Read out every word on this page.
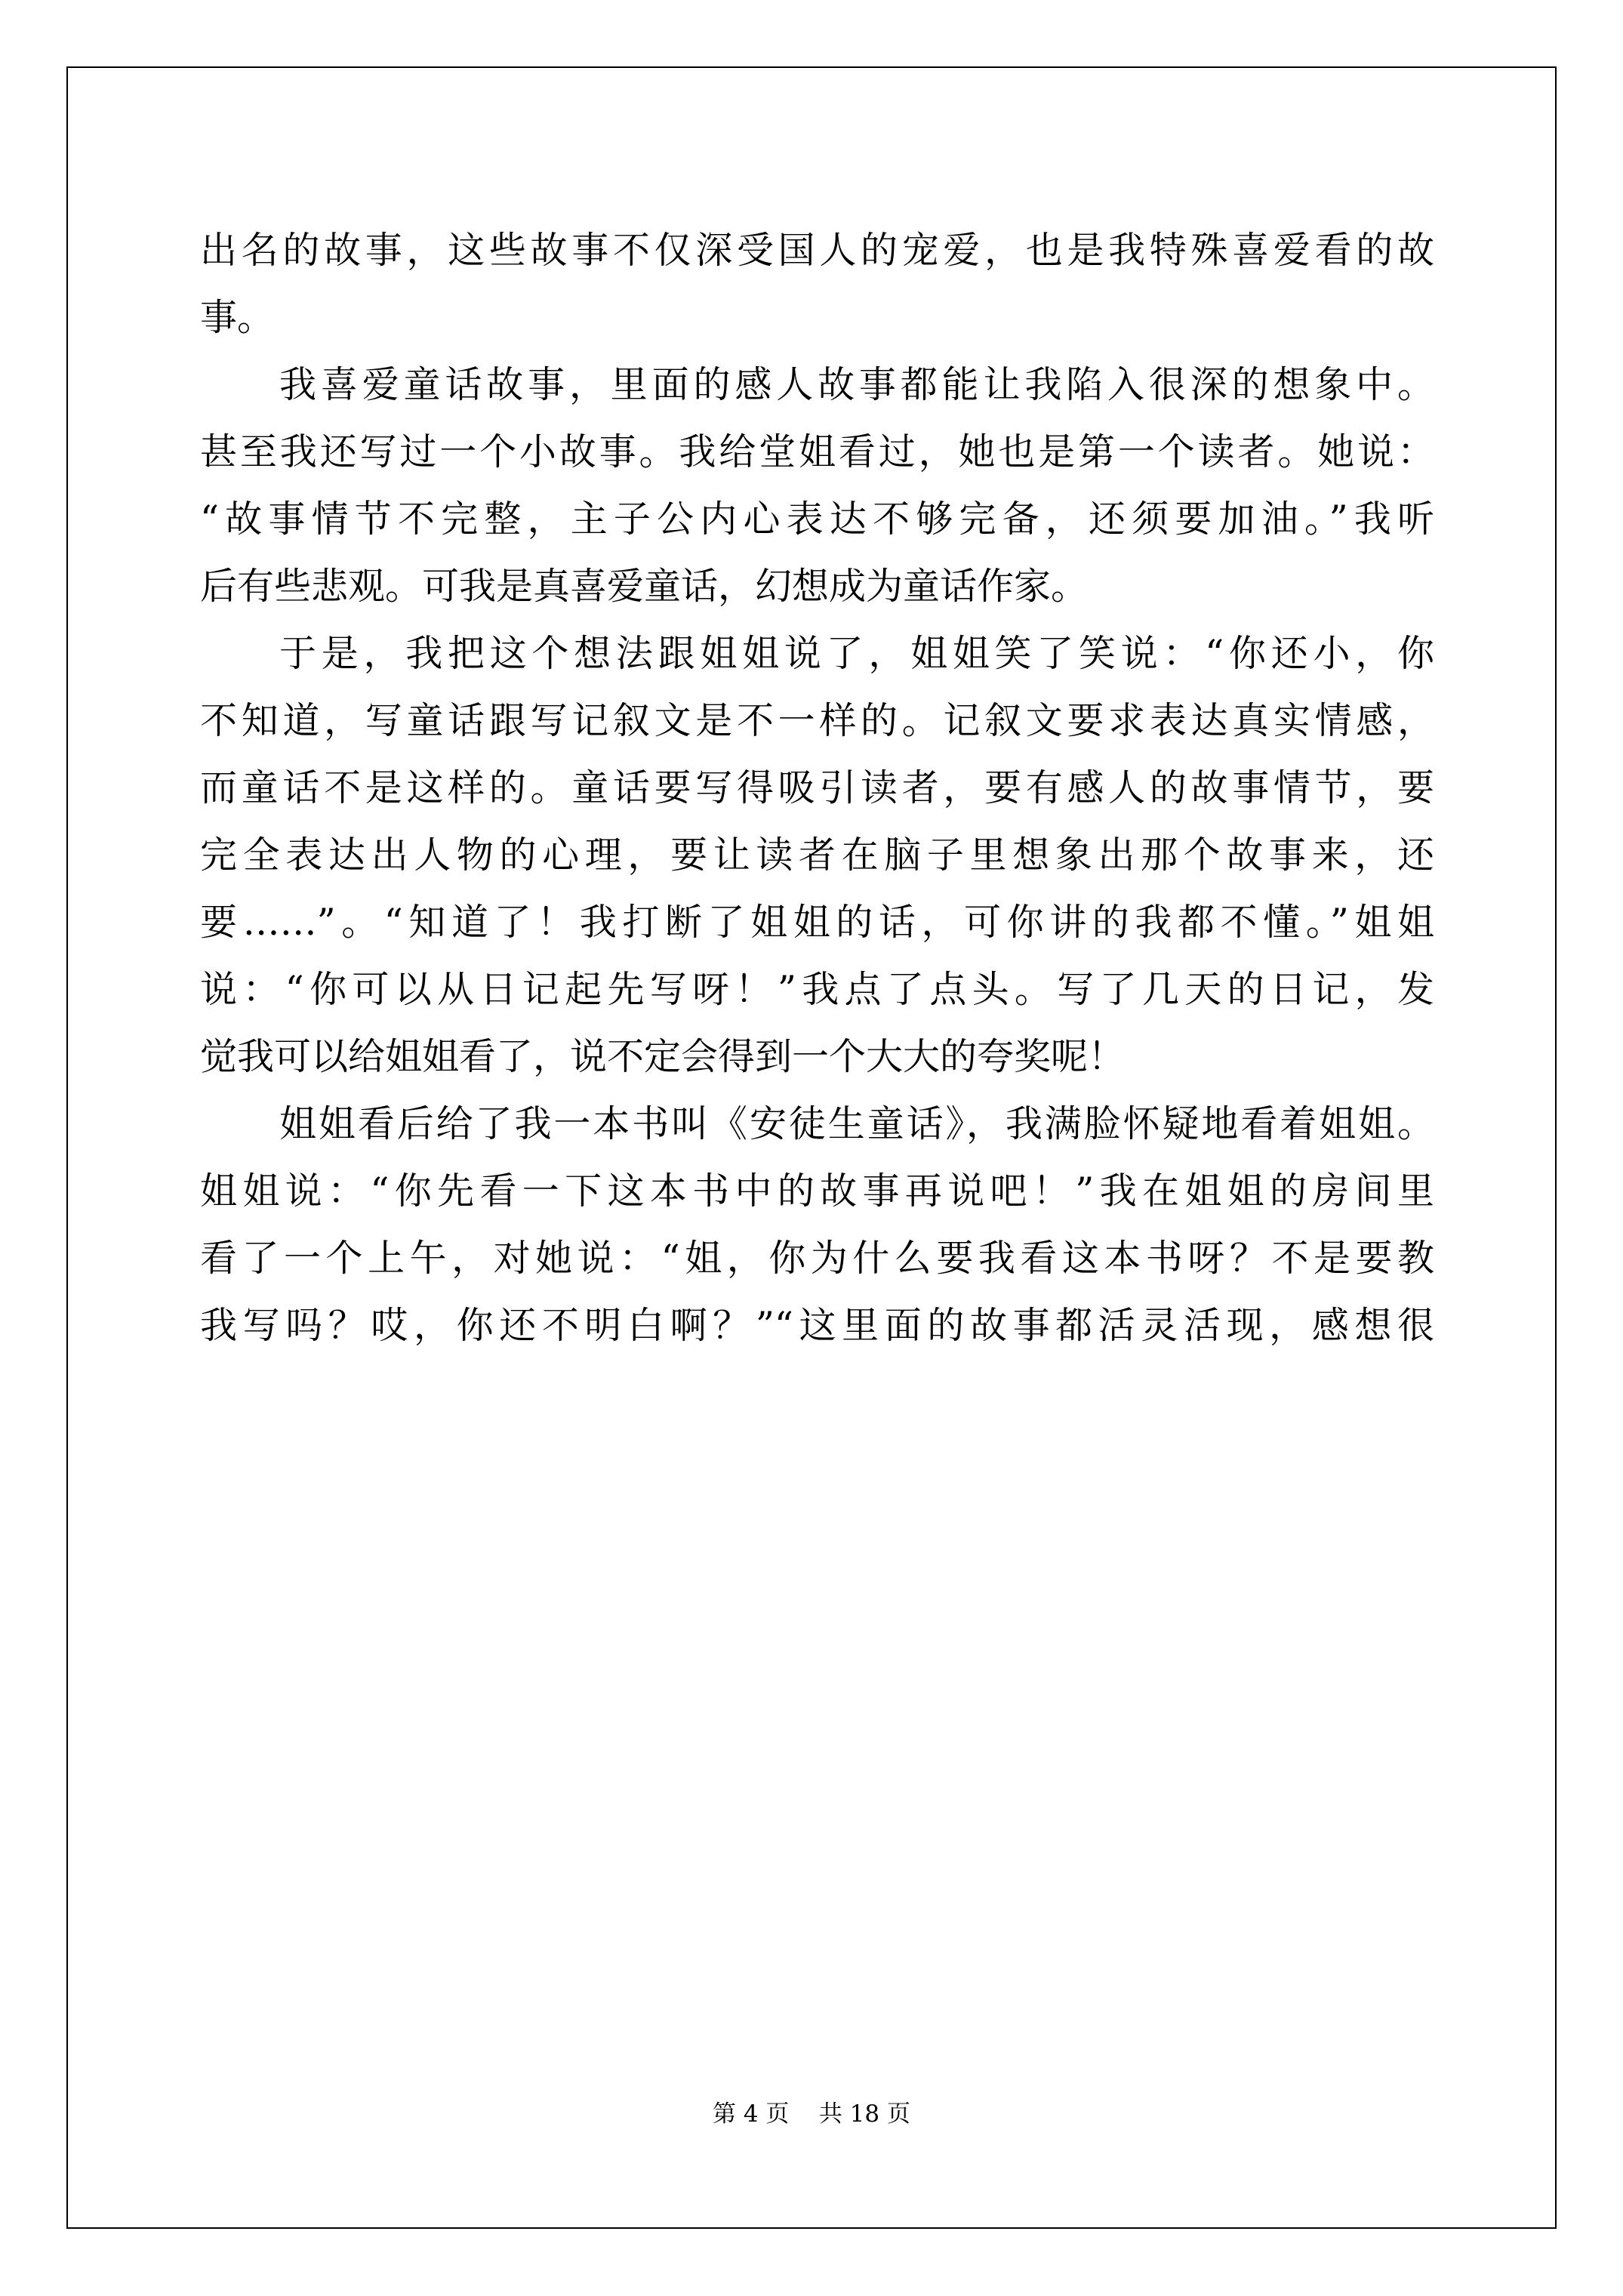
出名的故事，这些故事不仅深受国人的宠爱，也是我特殊喜爱看的故
事。
我喜爱童话故事，里面的感人故事都能让我陷入很深的想象中。
甚至我还写过一个小故事。我给堂姐看过，她也是第一个读者。她说：
“故事情节不完整，主子公内心表达不够完备，还须要加油。”我听
后有些悲观。可我是真喜爱童话，幻想成为童话作家。
于是，我把这个想法跟姐姐说了，姐姐笑了笑说：“你还小，你
不知道，写童话跟写记叙文是不一样的。记叙文要求表达真实情感，
而童话不是这样的。童话要写得吸引读者，要有感人的故事情节，要
完全表达出人物的心理，要让读者在脑子里想象出那个故事来，还
要……”。“知道了！我打断了姐姐的话，可你讲的我都不懂。”姐姐
说：“你可以从日记起先写呀！”我点了点头。写了几天的日记，发
觉我可以给姐姐看了，说不定会得到一个大大的夸奖呢！
姐姐看后给了我一本书叫《安徒生童话》，我满脸怀疑地看着姐姐。
姐姐说：“你先看一下这本书中的故事再说吧！”我在姐姐的房间里
看了一个上午，对她说：“姐，你为什么要我看这本书呀？不是要教
我写吗？哎，你还不明白啊？”“这里面的故事都活灵活现，感想很
第 4 页    共 18 页
